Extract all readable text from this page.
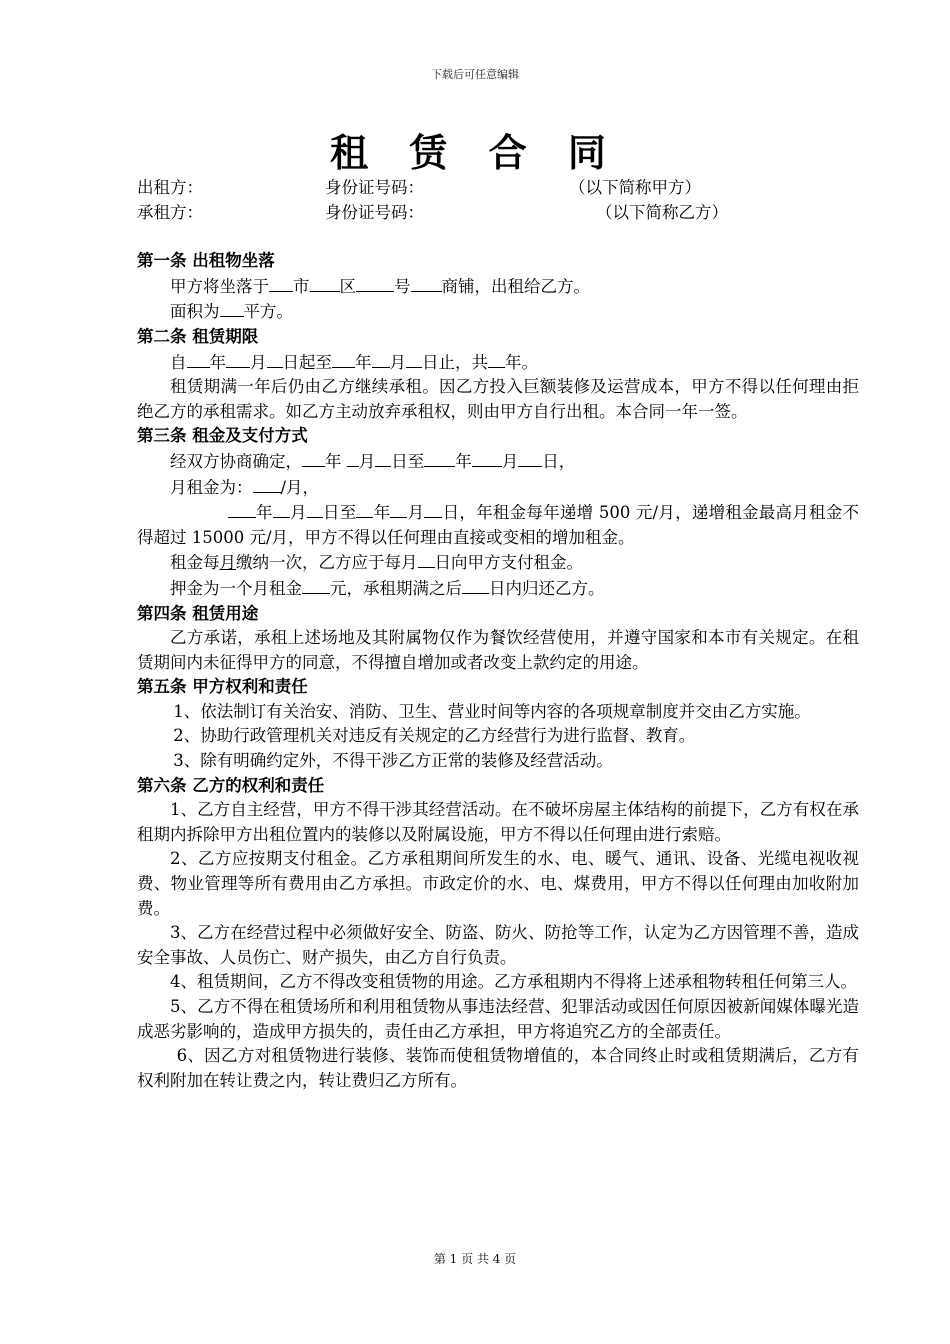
下载后可任意编辑
租 赁 合 同
出租方：	身份证号码：	（以下简称甲方）
承租方：	身份证号码：	（以下简称乙方）

第一条 出租物坐落

甲方将坐落于 市 区 号 商铺，出租给乙方。

面积为 平方。

第二条 租赁期限

自 年 月 日起至 年 月 日止，共 年。

租赁期满一年后仍由乙方继续承租。因乙方投入巨额装修及运营成本，甲方不得以任何理由拒绝乙方的承租需求。如乙方主动放弃承租权，则由甲方自行出租。本合同一年一签。

第三条 租金及支付方式

经双方协商确定， 年 月 日至 年 月 日，

月租金为： /月，

年 月 日至 年 月 日，年租金每年递增 500 元/月，递增租金最高月租金不得超过 15000 元/月，甲方不得以任何理由直接或变相的增加租金。

租金每月缴纳一次，乙方应于每月 日向甲方支付租金。

押金为一个月租金 元，承租期满之后 日内归还乙方。

第四条 租赁用途

乙方承诺，承租上述场地及其附属物仅作为餐饮经营使用，并遵守国家和本市有关规定。在租赁期间内未征得甲方的同意，不得擅自增加或者改变上款约定的用途。

第五条 甲方权利和责任

1、依法制订有关治安、消防、卫生、营业时间等内容的各项规章制度并交由乙方实施。

2、协助行政管理机关对违反有关规定的乙方经营行为进行监督、教育。

3、除有明确约定外，不得干涉乙方正常的装修及经营活动。

第六条 乙方的权利和责任

1、乙方自主经营，甲方不得干涉其经营活动。在不破坏房屋主体结构的前提下，乙方有权在承租期内拆除甲方出租位置内的装修以及附属设施，甲方不得以任何理由进行索赔。

2、乙方应按期支付租金。乙方承租期间所发生的水、电、暖气、通讯、设备、光缆电视收视费、物业管理等所有费用由乙方承担。市政定价的水、电、煤费用，甲方不得以任何理由加收附加费。

3、乙方在经营过程中必须做好安全、防盗、防火、防抢等工作，认定为乙方因管理不善，造成安全事故、人员伤亡、财产损失，由乙方自行负责。

4、租赁期间，乙方不得改变租赁物的用途。乙方承租期内不得将上述承租物转租任何第三人。

5、乙方不得在租赁场所和利用租赁物从事违法经营、犯罪活动或因任何原因被新闻媒体曝光造成恶劣影响的，造成甲方损失的，责任由乙方承担，甲方将追究乙方的全部责任。

6、因乙方对租赁物进行装修、装饰而使租赁物增值的，本合同终止时或租赁期满后，乙方有权利附加在转让费之内，转让费归乙方所有。

第 1 页 共 4 页
